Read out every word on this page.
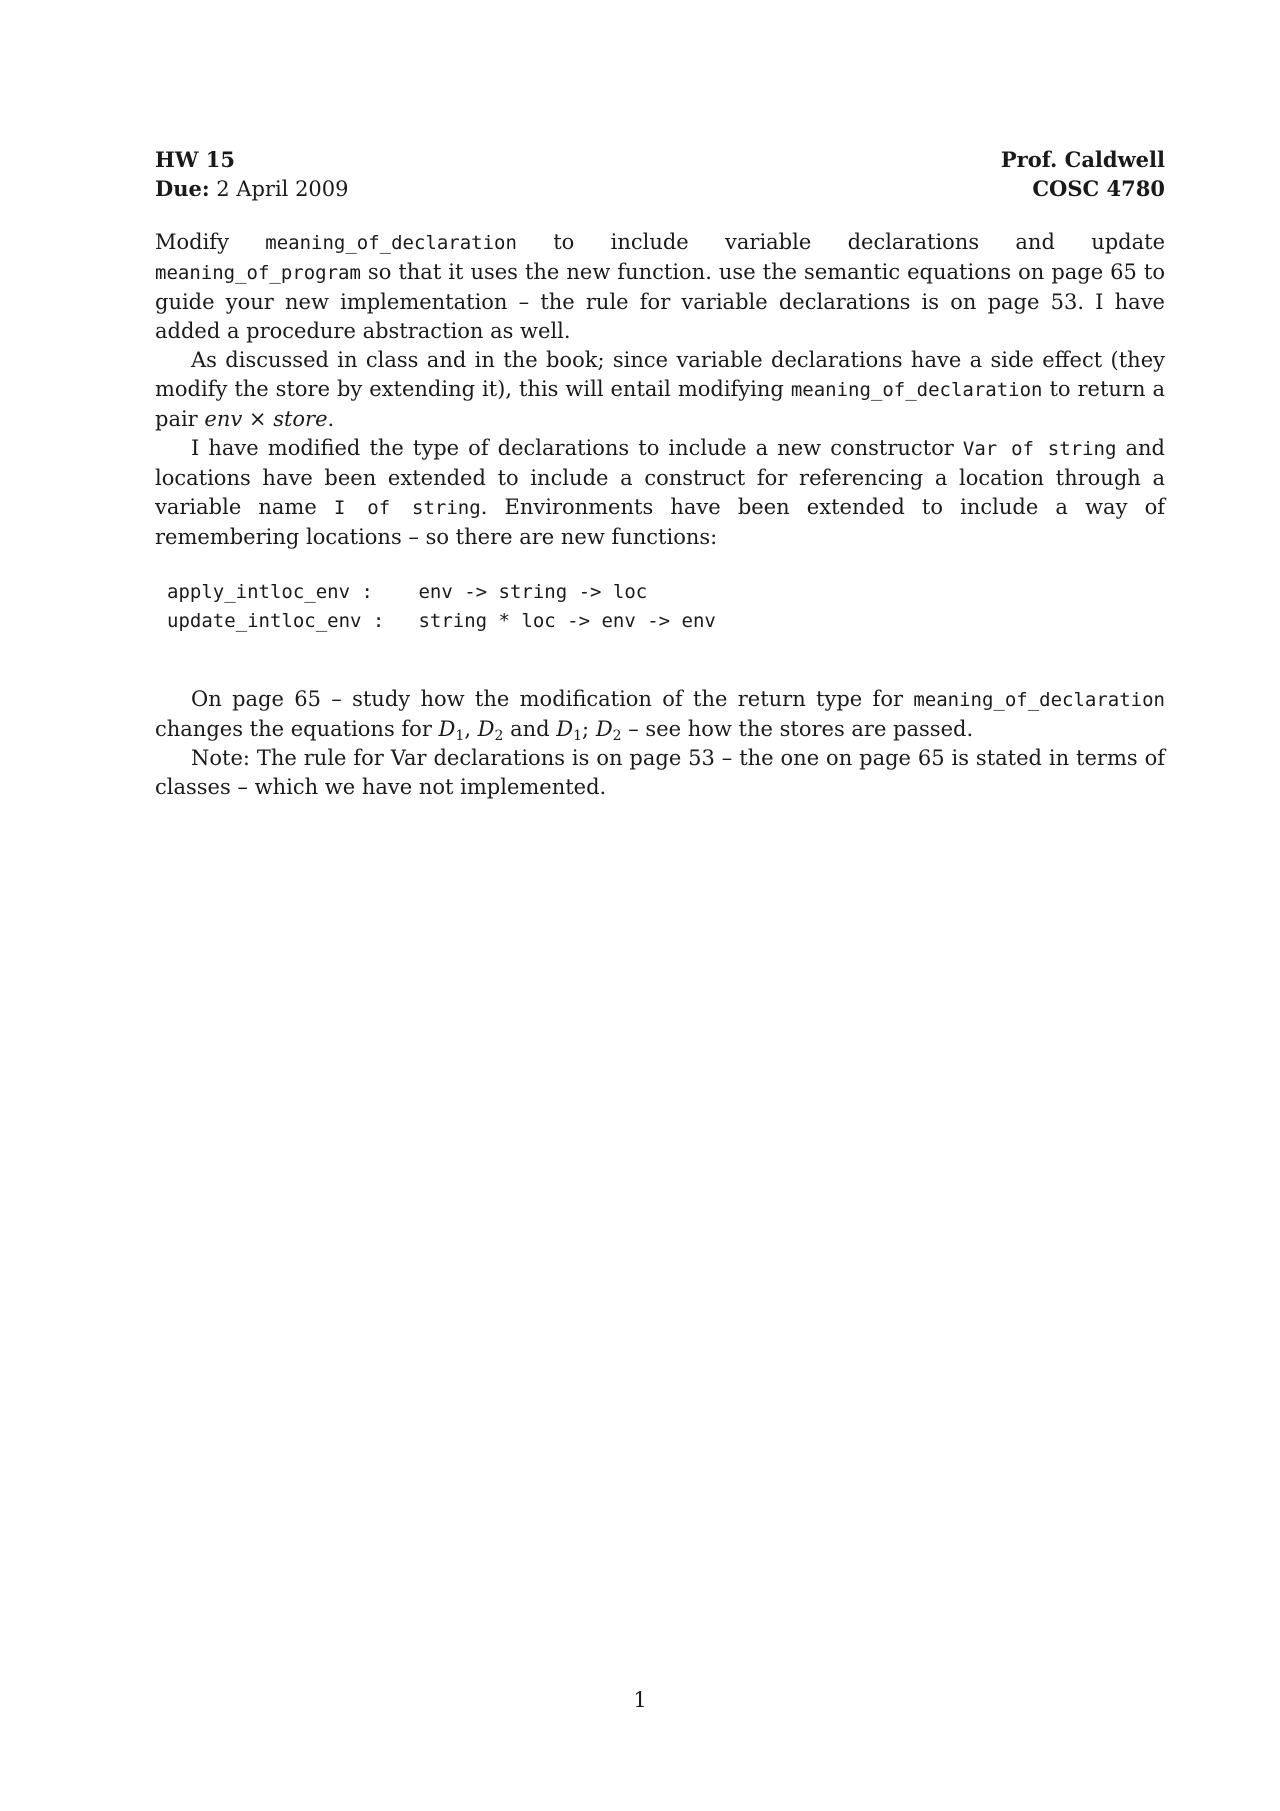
HW 15
Due: 2 April 2009
Prof. Caldwell
COSC 4780

Modify meaning_of_declaration to include variable declarations and update meaning_of_program so that it uses the new function. use the semantic equations on page 65 to guide your new implementation – the rule for variable declarations is on page 53. I have added a procedure abstraction as well.

As discussed in class and in the book; since variable declarations have a side effect (they modify the store by extending it), this will entail modifying meaning_of_declaration to return a pair env × store.

I have modified the type of declarations to include a new constructor Var of string and locations have been extended to include a construct for referencing a location through a variable name I of string. Environments have been extended to include a way of remembering locations – so there are new functions:

apply_intloc_env :	env -> string -> loc
update_intloc_env :	string * loc -> env -> env

On page 65 – study how the modification of the return type for meaning_of_declaration changes the equations for $D_1$, $D_2$ and $D_1$; $D_2$ – see how the stores are passed.

Note: The rule for Var declarations is on page 53 – the one on page 65 is stated in terms of classes – which we have not implemented.

1
